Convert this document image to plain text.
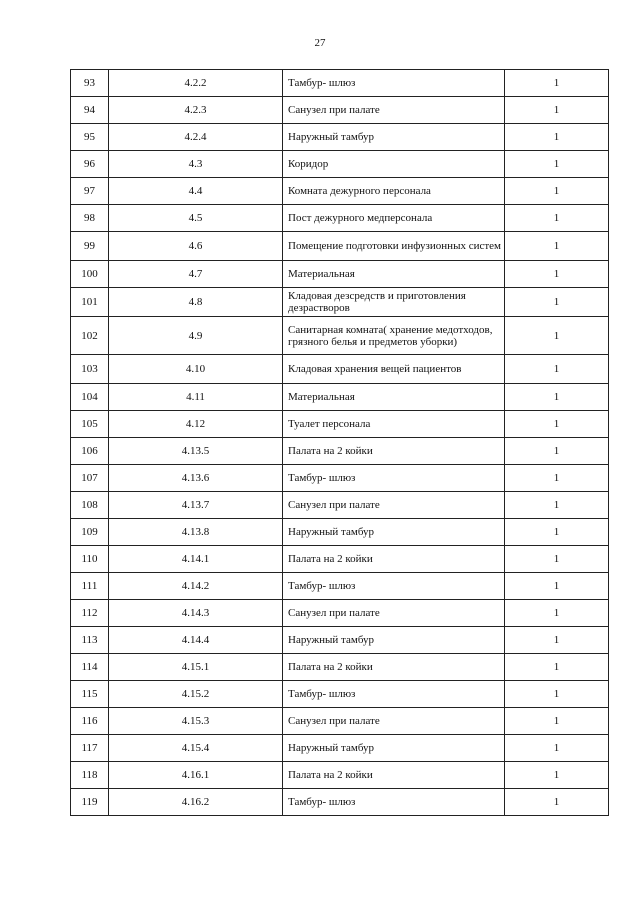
27
93	4.2.2	Тамбур- шлюз	1
94	4.2.3	Санузел при палате	1
95	4.2.4	Наружный тамбур	1
96	4.3	Коридор	1
97	4.4	Комната дежурного персонала	1
98	4.5	Пост дежурного медперсонала	1
99	4.6	Помещение подготовки инфузионных систем	1
100	4.7	Материальная	1
101	4.8	Кладовая дезсредств и приготовления дезрастворов	1
102	4.9	Санитарная комната( хранение медотходов, грязного белья и предметов уборки)	1
103	4.10	Кладовая хранения вещей пациентов	1
104	4.11	Материальная	1
105	4.12	Туалет персонала	1
106	4.13.5	Палата на 2 койки	1
107	4.13.6	Тамбур- шлюз	1
108	4.13.7	Санузел при палате	1
109	4.13.8	Наружный тамбур	1
110	4.14.1	Палата на 2 койки	1
111	4.14.2	Тамбур- шлюз	1
112	4.14.3	Санузел при палате	1
113	4.14.4	Наружный тамбур	1
114	4.15.1	Палата на 2 койки	1
115	4.15.2	Тамбур- шлюз	1
116	4.15.3	Санузел при палате	1
117	4.15.4	Наружный тамбур	1
118	4.16.1	Палата на 2 койки	1
119	4.16.2	Тамбур- шлюз	1
